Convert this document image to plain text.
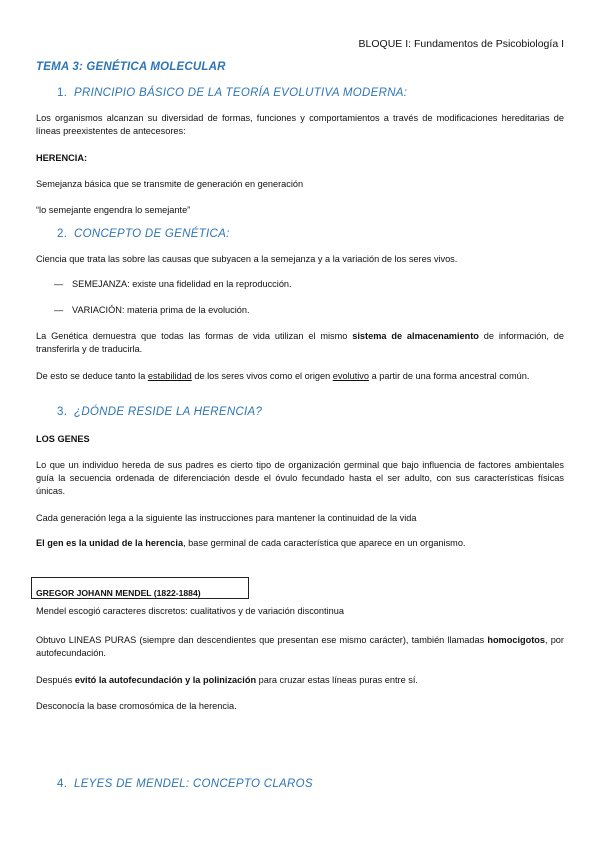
BLOQUE I: Fundamentos de Psicobiología I
TEMA 3: GENÉTICA MOLECULAR
1. PRINCIPIO BÁSICO DE LA TEORÍA EVOLUTIVA MODERNA:
Los organismos alcanzan su diversidad de formas, funciones y comportamientos a través de modificaciones hereditarias de líneas preexistentes de antecesores:
HERENCIA:
Semejanza básica que se transmite de generación en generación
“lo semejante engendra lo semejante”
2. CONCEPTO DE GENÉTICA:
Ciencia que trata las sobre las causas que subyacen a la semejanza y a la variación de los seres vivos.
— SEMEJANZA: existe una fidelidad en la reproducción.
— VARIACIÓN: materia prima de la evolución.
La Genética demuestra que todas las formas de vida utilizan el mismo sistema de almacenamiento de información, de transferirla y de traducirla.
De esto se deduce tanto la estabilidad de los seres vivos como el origen evolutivo a partir de una forma ancestral común.
3. ¿DÓNDE RESIDE LA HERENCIA?
LOS GENES
Lo que un individuo hereda de sus padres es cierto tipo de organización germinal que bajo influencia de factores ambientales guía la secuencia ordenada de diferenciación desde el óvulo fecundado hasta el ser adulto, con sus características físicas únicas.
Cada generación lega a la siguiente las instrucciones para mantener la continuidad de la vida
El gen es la unidad de la herencia, base germinal de cada característica que aparece en un organismo.
GREGOR JOHANN MENDEL (1822-1884)
Mendel escogió caracteres discretos: cualitativos y de variación discontinua
Obtuvo LINEAS PURAS (siempre dan descendientes que presentan ese mismo carácter), también llamadas homocigotos, por autofecundación.
Después evitó la autofecundación y la polinización para cruzar estas líneas puras entre sí.
Desconocía la base cromosómica de la herencia.
4. LEYES DE MENDEL: CONCEPTO CLAROS
